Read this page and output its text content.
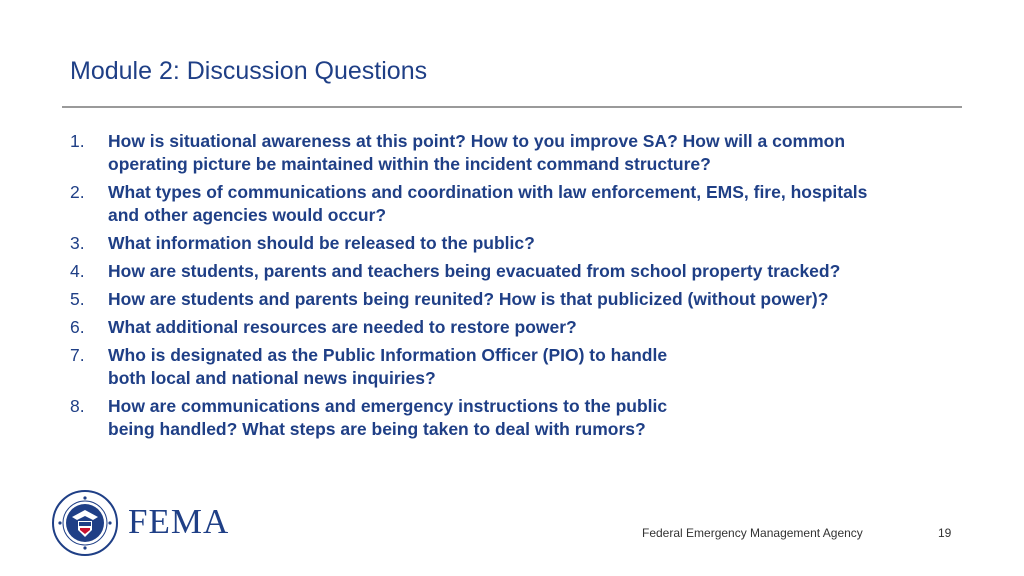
Module 2: Discussion Questions
1. How is situational awareness at this point? How to you improve SA? How will a common
operating picture be maintained within the incident command structure?
2. What types of communications and coordination with law enforcement, EMS, fire, hospitals
and other agencies would occur?
3. What information should be released to the public?
4. How are students, parents and teachers being evacuated from school property tracked?
5. How are students and parents being reunited? How is that publicized (without power)?
6. What additional resources are needed to restore power?
7. Who is designated as the Public Information Officer (PIO) to handle
both local and national news inquiries?
8. How are communications and emergency instructions to the public
being handled? What steps are being taken to deal with rumors?
FEMA	Federal Emergency Management Agency	19
